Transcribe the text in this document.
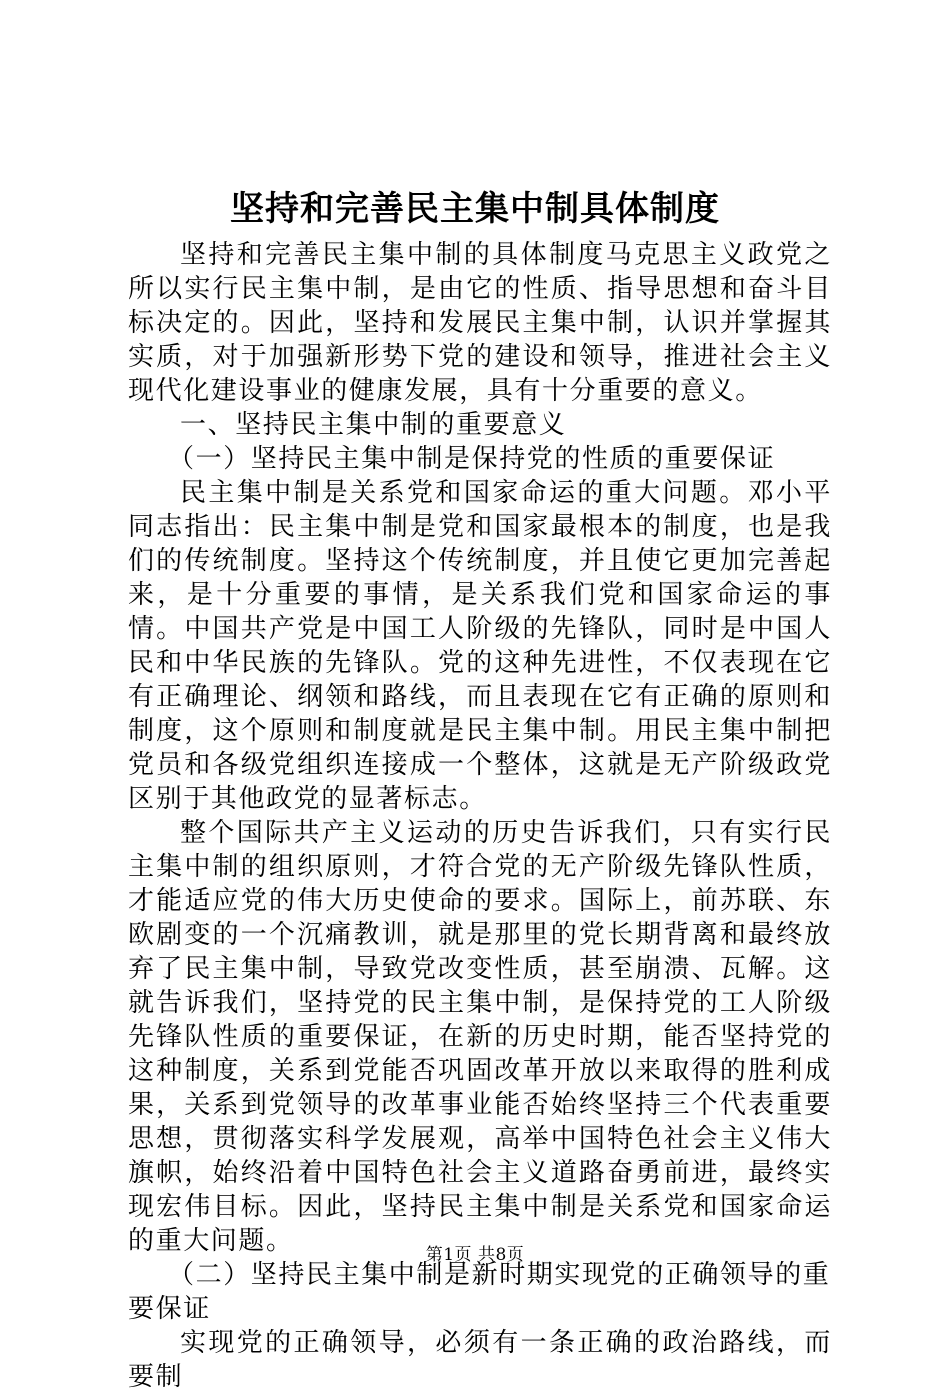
坚持和完善民主集中制具体制度

坚持和完善民主集中制的具体制度马克思主义政党之所以实行民主集中制，是由它的性质、指导思想和奋斗目标决定的。因此，坚持和发展民主集中制，认识并掌握其实质，对于加强新形势下党的建设和领导，推进社会主义现代化建设事业的健康发展，具有十分重要的意义。

一、坚持民主集中制的重要意义

（一）坚持民主集中制是保持党的性质的重要保证

民主集中制是关系党和国家命运的重大问题。邓小平同志指出：民主集中制是党和国家最根本的制度，也是我们的传统制度。坚持这个传统制度，并且使它更加完善起来，是十分重要的事情，是关系我们党和国家命运的事情。中国共产党是中国工人阶级的先锋队，同时是中国人民和中华民族的先锋队。党的这种先进性，不仅表现在它有正确理论、纲领和路线，而且表现在它有正确的原则和制度，这个原则和制度就是民主集中制。用民主集中制把党员和各级党组织连接成一个整体，这就是无产阶级政党区别于其他政党的显著标志。

整个国际共产主义运动的历史告诉我们，只有实行民主集中制的组织原则，才符合党的无产阶级先锋队性质，才能适应党的伟大历史使命的要求。国际上，前苏联、东欧剧变的一个沉痛教训，就是那里的党长期背离和最终放弃了民主集中制，导致党改变性质，甚至崩溃、瓦解。这就告诉我们，坚持党的民主集中制，是保持党的工人阶级先锋队性质的重要保证，在新的历史时期，能否坚持党的这种制度，关系到党能否巩固改革开放以来取得的胜利成果，关系到党领导的改革事业能否始终坚持三个代表重要思想，贯彻落实科学发展观，高举中国特色社会主义伟大旗帜，始终沿着中国特色社会主义道路奋勇前进，最终实现宏伟目标。因此，坚持民主集中制是关系党和国家命运的重大问题。

（二）坚持民主集中制是新时期实现党的正确领导的重要保证

实现党的正确领导，必须有一条正确的政治路线，而要制

第1页 共8页
